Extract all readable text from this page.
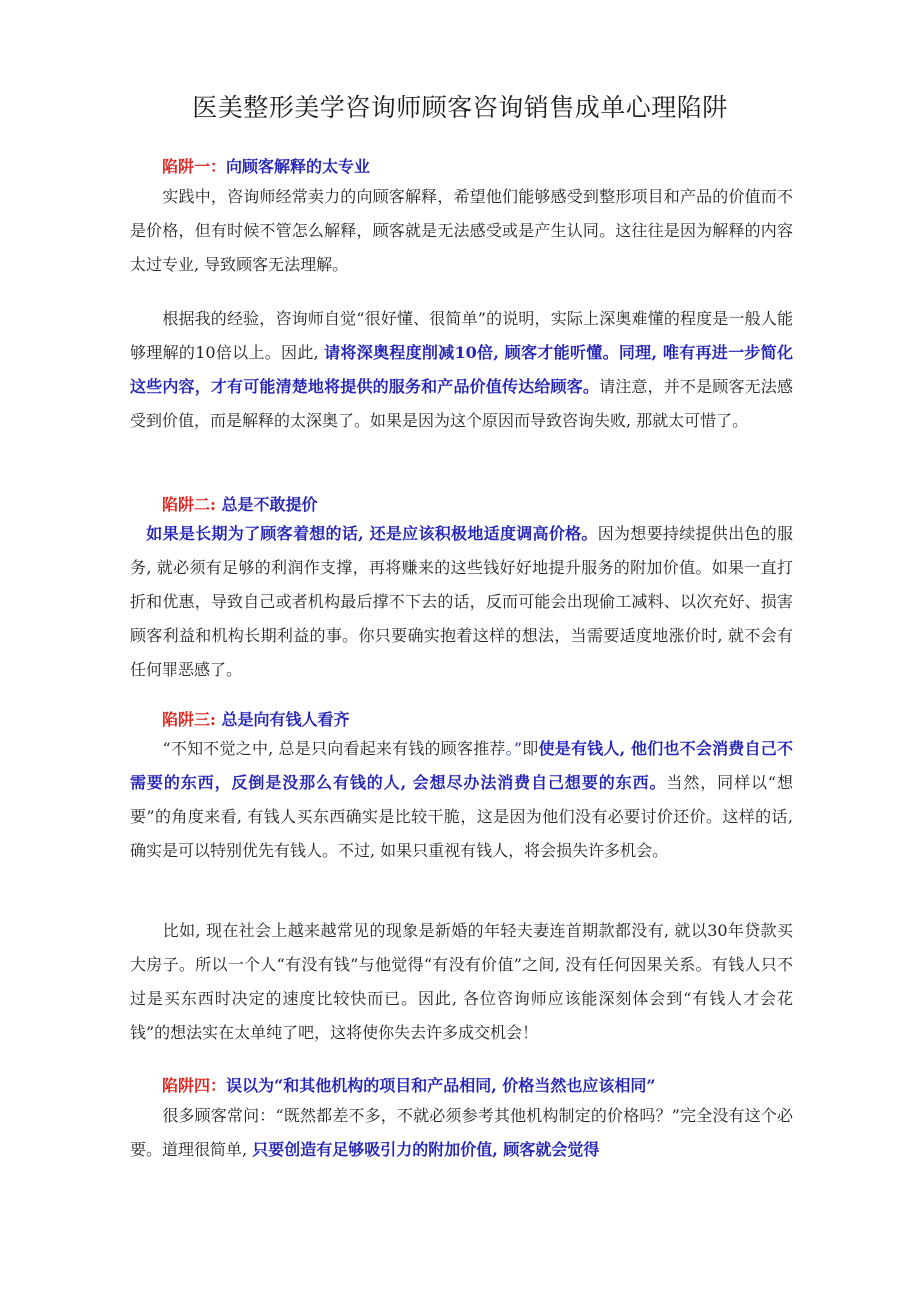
医美整形美学咨询师顾客咨询销售成单心理陷阱
陷阱一：向顾客解释的太专业

　　实践中，咨询师经常卖力的向顾客解释，希望他们能够感受到整形项目和产品的价值而不是价格，但有时候不管怎么解释，顾客就是无法感受或是产生认同。这往往是因为解释的内容太过专业, 导致顾客无法理解。

　　根据我的经验，咨询师自觉“很好懂、很简单”的说明，实际上深奥难懂的程度是一般人能够理解的10倍以上。因此, 请将深奥程度削减10倍, 顾客才能听懂。同理, 唯有再进一步简化这些内容，才有可能清楚地将提供的服务和产品价值传达给顾客。请注意，并不是顾客无法感受到价值，而是解释的太深奥了。如果是因为这个原因而导致咨询失败, 那就太可惜了。

陷阱二: 总是不敢提价

　如果是长期为了顾客着想的话, 还是应该积极地适度调高价格。因为想要持续提供出色的服务, 就必须有足够的利润作支撑，再将赚来的这些钱好好地提升服务的附加价值。如果一直打折和优惠，导致自己或者机构最后撑不下去的话，反而可能会出现偷工减料、以次充好、损害顾客利益和机构长期利益的事。你只要确实抱着这样的想法，当需要适度地涨价时, 就不会有任何罪恶感了。

陷阱三: 总是向有钱人看齐

　　“不知不觉之中, 总是只向看起来有钱的顾客推荐。”即使是有钱人, 他们也不会消费自己不需要的东西，反倒是没那么有钱的人, 会想尽办法消费自己想要的东西。当然，同样以“想要”的角度来看, 有钱人买东西确实是比较干脆，这是因为他们没有必要讨价还价。这样的话, 确实是可以特别优先有钱人。不过, 如果只重视有钱人，将会损失许多机会。

　　比如, 现在社会上越来越常见的现象是新婚的年轻夫妻连首期款都没有, 就以30年贷款买大房子。所以一个人“有没有钱”与他觉得“有没有价值”之间, 没有任何因果关系。有钱人只不过是买东西时决定的速度比较快而已。因此, 各位咨询师应该能深刻体会到“有钱人才会花钱”的想法实在太单纯了吧，这将使你失去许多成交机会！

陷阱四：误以为“和其他机构的项目和产品相同, 价格当然也应该相同”

　　很多顾客常问：“既然都差不多，不就必须参考其他机构制定的价格吗？”完全没有这个必要。道理很简单, 只要创造有足够吸引力的附加价值, 顾客就会觉得
